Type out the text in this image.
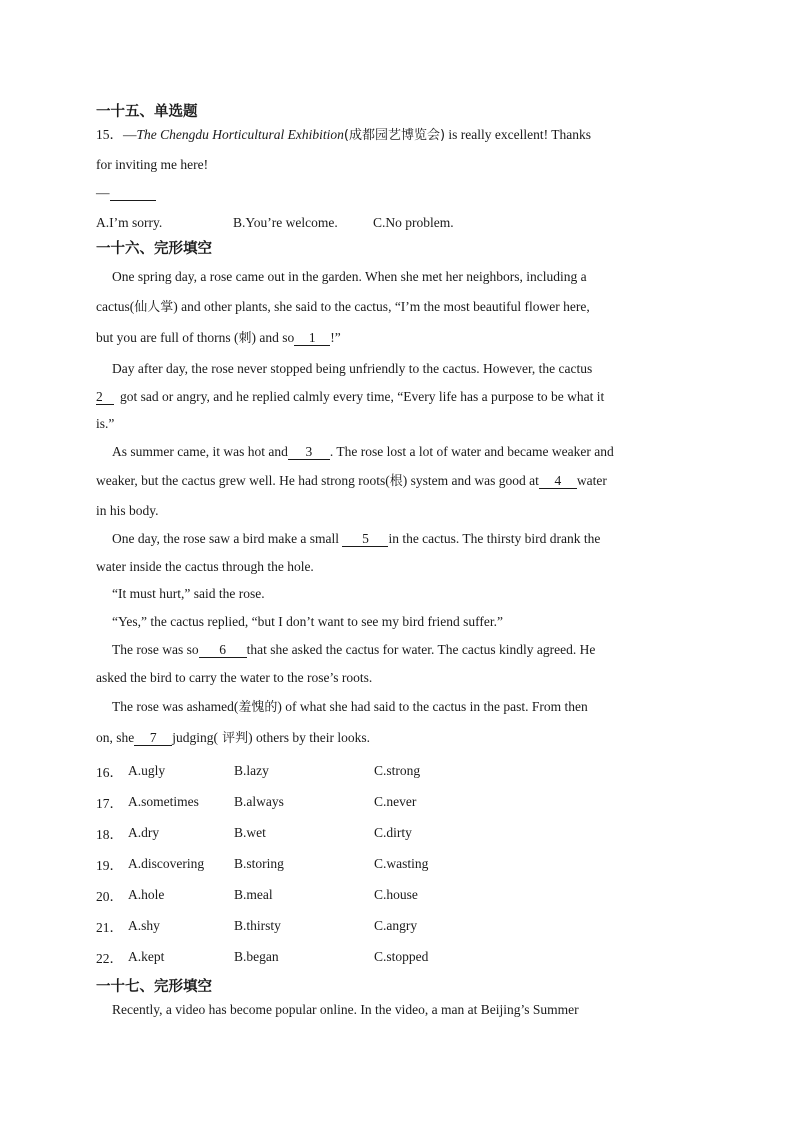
一十五、单选题
15．—The Chengdu Horticultural Exhibition(成都园艺博览会) is really excellent! Thanks
for inviting me here!
—
A.I’m sorry.	B.You’re welcome.	C.No problem.
一十六、完形填空
One spring day, a rose came out in the garden. When she met her neighbors, including a
cactus(仙人掌) and other plants, she said to the cactus, “I’m the most beautiful flower here,
but you are full of thorns (刺) and so 1 !”
Day after day, the rose never stopped being unfriendly to the cactus. However, the cactus
2 got sad or angry, and he replied calmly every time, “Every life has a purpose to be what it
is.”
As summer came, it was hot and 3 . The rose lost a lot of water and became weaker and
weaker, but the cactus grew well. He had strong roots(根) system and was good at 4 water
in his body.
One day, the rose saw a bird make a small 5 in the cactus. The thirsty bird drank the
water inside the cactus through the hole.
“It must hurt,” said the rose.
“Yes,” the cactus replied, “but I don’t want to see my bird friend suffer.”
The rose was so 6 that she asked the cactus for water. The cactus kindly agreed. He
asked the bird to carry the water to the rose’s roots.
The rose was ashamed(羞愧的) of what she had said to the cactus in the past. From then
on, she 7 judging( 评判) others by their looks.
16． A.ugly	B.lazy	C.strong
17． A.sometimes	B.always	C.never
18． A.dry	B.wet	C.dirty
19． A.discovering	B.storing	C.wasting
20． A.hole	B.meal	C.house
21． A.shy	B.thirsty	C.angry
22． A.kept	B.began	C.stopped
一十七、完形填空
Recently, a video has become popular online. In the video, a man at Beijing’s Summer
